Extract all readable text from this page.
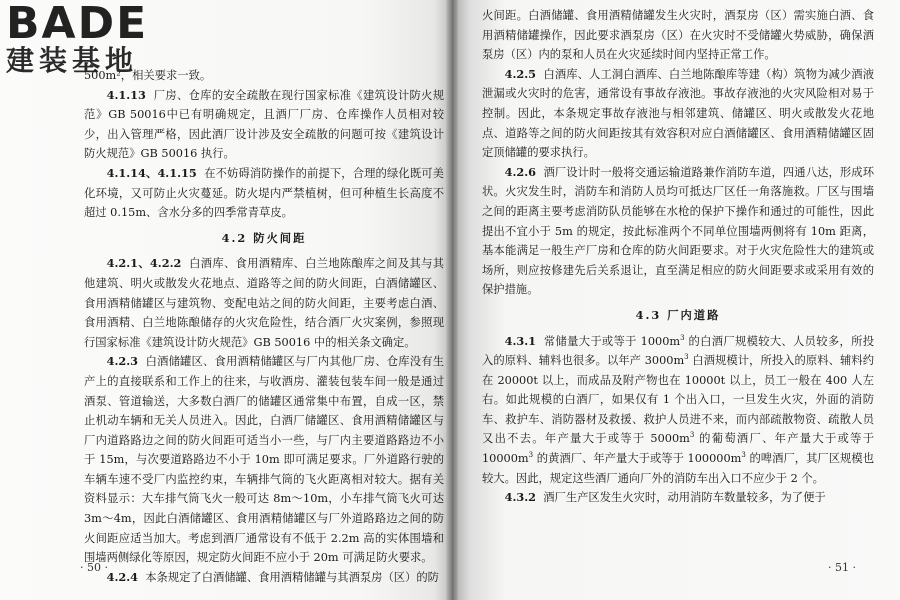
BADE
建装基地

500m²，相关要求一致。

4.1.13 厂房、仓库的安全疏散在现行国家标准《建筑设计防火规范》GB 50016中已有明确规定，且酒厂厂房、仓库操作人员相对较少，出入管理严格，因此酒厂设计涉及安全疏散的问题可按《建筑设计防火规范》GB 50016 执行。

4.1.14、4.1.15 在不妨碍消防操作的前提下，合理的绿化既可美化环境，又可防止火灾蔓延。防火堤内严禁植树，但可种植生长高度不超过 0.15m、含水分多的四季常青草皮。

4.2 防火间距

4.2.1、4.2.2 白酒库、食用酒精库、白兰地陈酿库之间及其与其他建筑、明火或散发火花地点、道路等之间的防火间距，白酒储罐区、食用酒精储罐区与建筑物、变配电站之间的防火间距，主要考虑白酒、食用酒精、白兰地陈酿储存的火灾危险性，结合酒厂火灾案例，参照现行国家标准《建筑设计防火规范》GB 50016 中的相关条文确定。

4.2.3 白酒储罐区、食用酒精储罐区与厂内其他厂房、仓库没有生产上的直接联系和工作上的往来，与收酒房、灌装包装车间一般是通过酒泵、管道输送，大多数白酒厂的储罐区通常集中布置，自成一区，禁止机动车辆和无关人员进入。因此，白酒厂储罐区、食用酒精储罐区与厂内道路路边之间的防火间距可适当小一些，与厂内主要道路路边不小于 15m，与次要道路路边不小于 10m 即可满足要求。厂外道路行驶的车辆车速不受厂内监控约束，车辆排气筒的飞火距离相对较大。据有关资料显示：大车排气筒飞火一般可达 8m～10m，小车排气筒飞火可达 3m～4m，因此白酒储罐区、食用酒精储罐区与厂外道路路边之间的防火间距应适当加大。考虑到酒厂通常设有不低于 2.2m 高的实体围墙和围墙两侧绿化等原因，规定防火间距不应小于 20m 可满足防火要求。

4.2.4 本条规定了白酒储罐、食用酒精储罐与其酒泵房（区）的防

· 50 ·

火间距。白酒储罐、食用酒精储罐发生火灾时，酒泵房（区）需实施白酒、食用酒精储罐操作，因此要求酒泵房（区）在火灾时不受储罐火势威胁，确保酒泵房（区）内的泵和人员在火灾延续时间内坚持正常工作。

4.2.5 白酒库、人工洞白酒库、白兰地陈酿库等建（构）筑物为减少酒液泄漏或火灾时的危害，通常设有事故存液池。事故存液池的火灾风险相对易于控制。因此，本条规定事故存液池与相邻建筑、储罐区、明火或散发火花地点、道路等之间的防火间距按其有效容积对应白酒储罐区、食用酒精储罐区固定顶储罐的要求执行。

4.2.6 酒厂设计时一般将交通运输道路兼作消防车道，四通八达，形成环状。火灾发生时，消防车和消防人员均可抵达厂区任一角落施救。厂区与围墙之间的距离主要考虑消防队员能够在水枪的保护下操作和通过的可能性，因此提出不宜小于 5m 的规定，按此标准两个不同单位围墙两侧将有 10m 距离，基本能满足一般生产厂房和仓库的防火间距要求。对于火灾危险性大的建筑或场所，则应按修建先后关系退让，直至满足相应的防火间距要求或采用有效的保护措施。

4.3 厂内道路

4.3.1 常储量大于或等于 $1000m^3$ 的白酒厂规模较大、人员较多，所投入的原料、辅料也很多。以年产 $3000m^3$ 白酒规模计，所投入的原料、辅料约在 20000t 以上，而成品及附产物也在 10000t 以上，员工一般在 400 人左右。如此规模的白酒厂，如果仅有 1 个出入口，一旦发生火灾，外面的消防车、救护车、消防器材及救援、救护人员进不来，而内部疏散物资、疏散人员又出不去。年产量大于或等于 $5000m^3$ 的葡萄酒厂、年产量大于或等于 $10000m^3$ 的黄酒厂、年产量大于或等于 $100000m^3$ 的啤酒厂，其厂区规模也较大。因此，规定这些酒厂通向厂外的消防车出入口不应少于 2 个。

4.3.2 酒厂生产区发生火灾时，动用消防车数量较多，为了便于

· 51 ·
